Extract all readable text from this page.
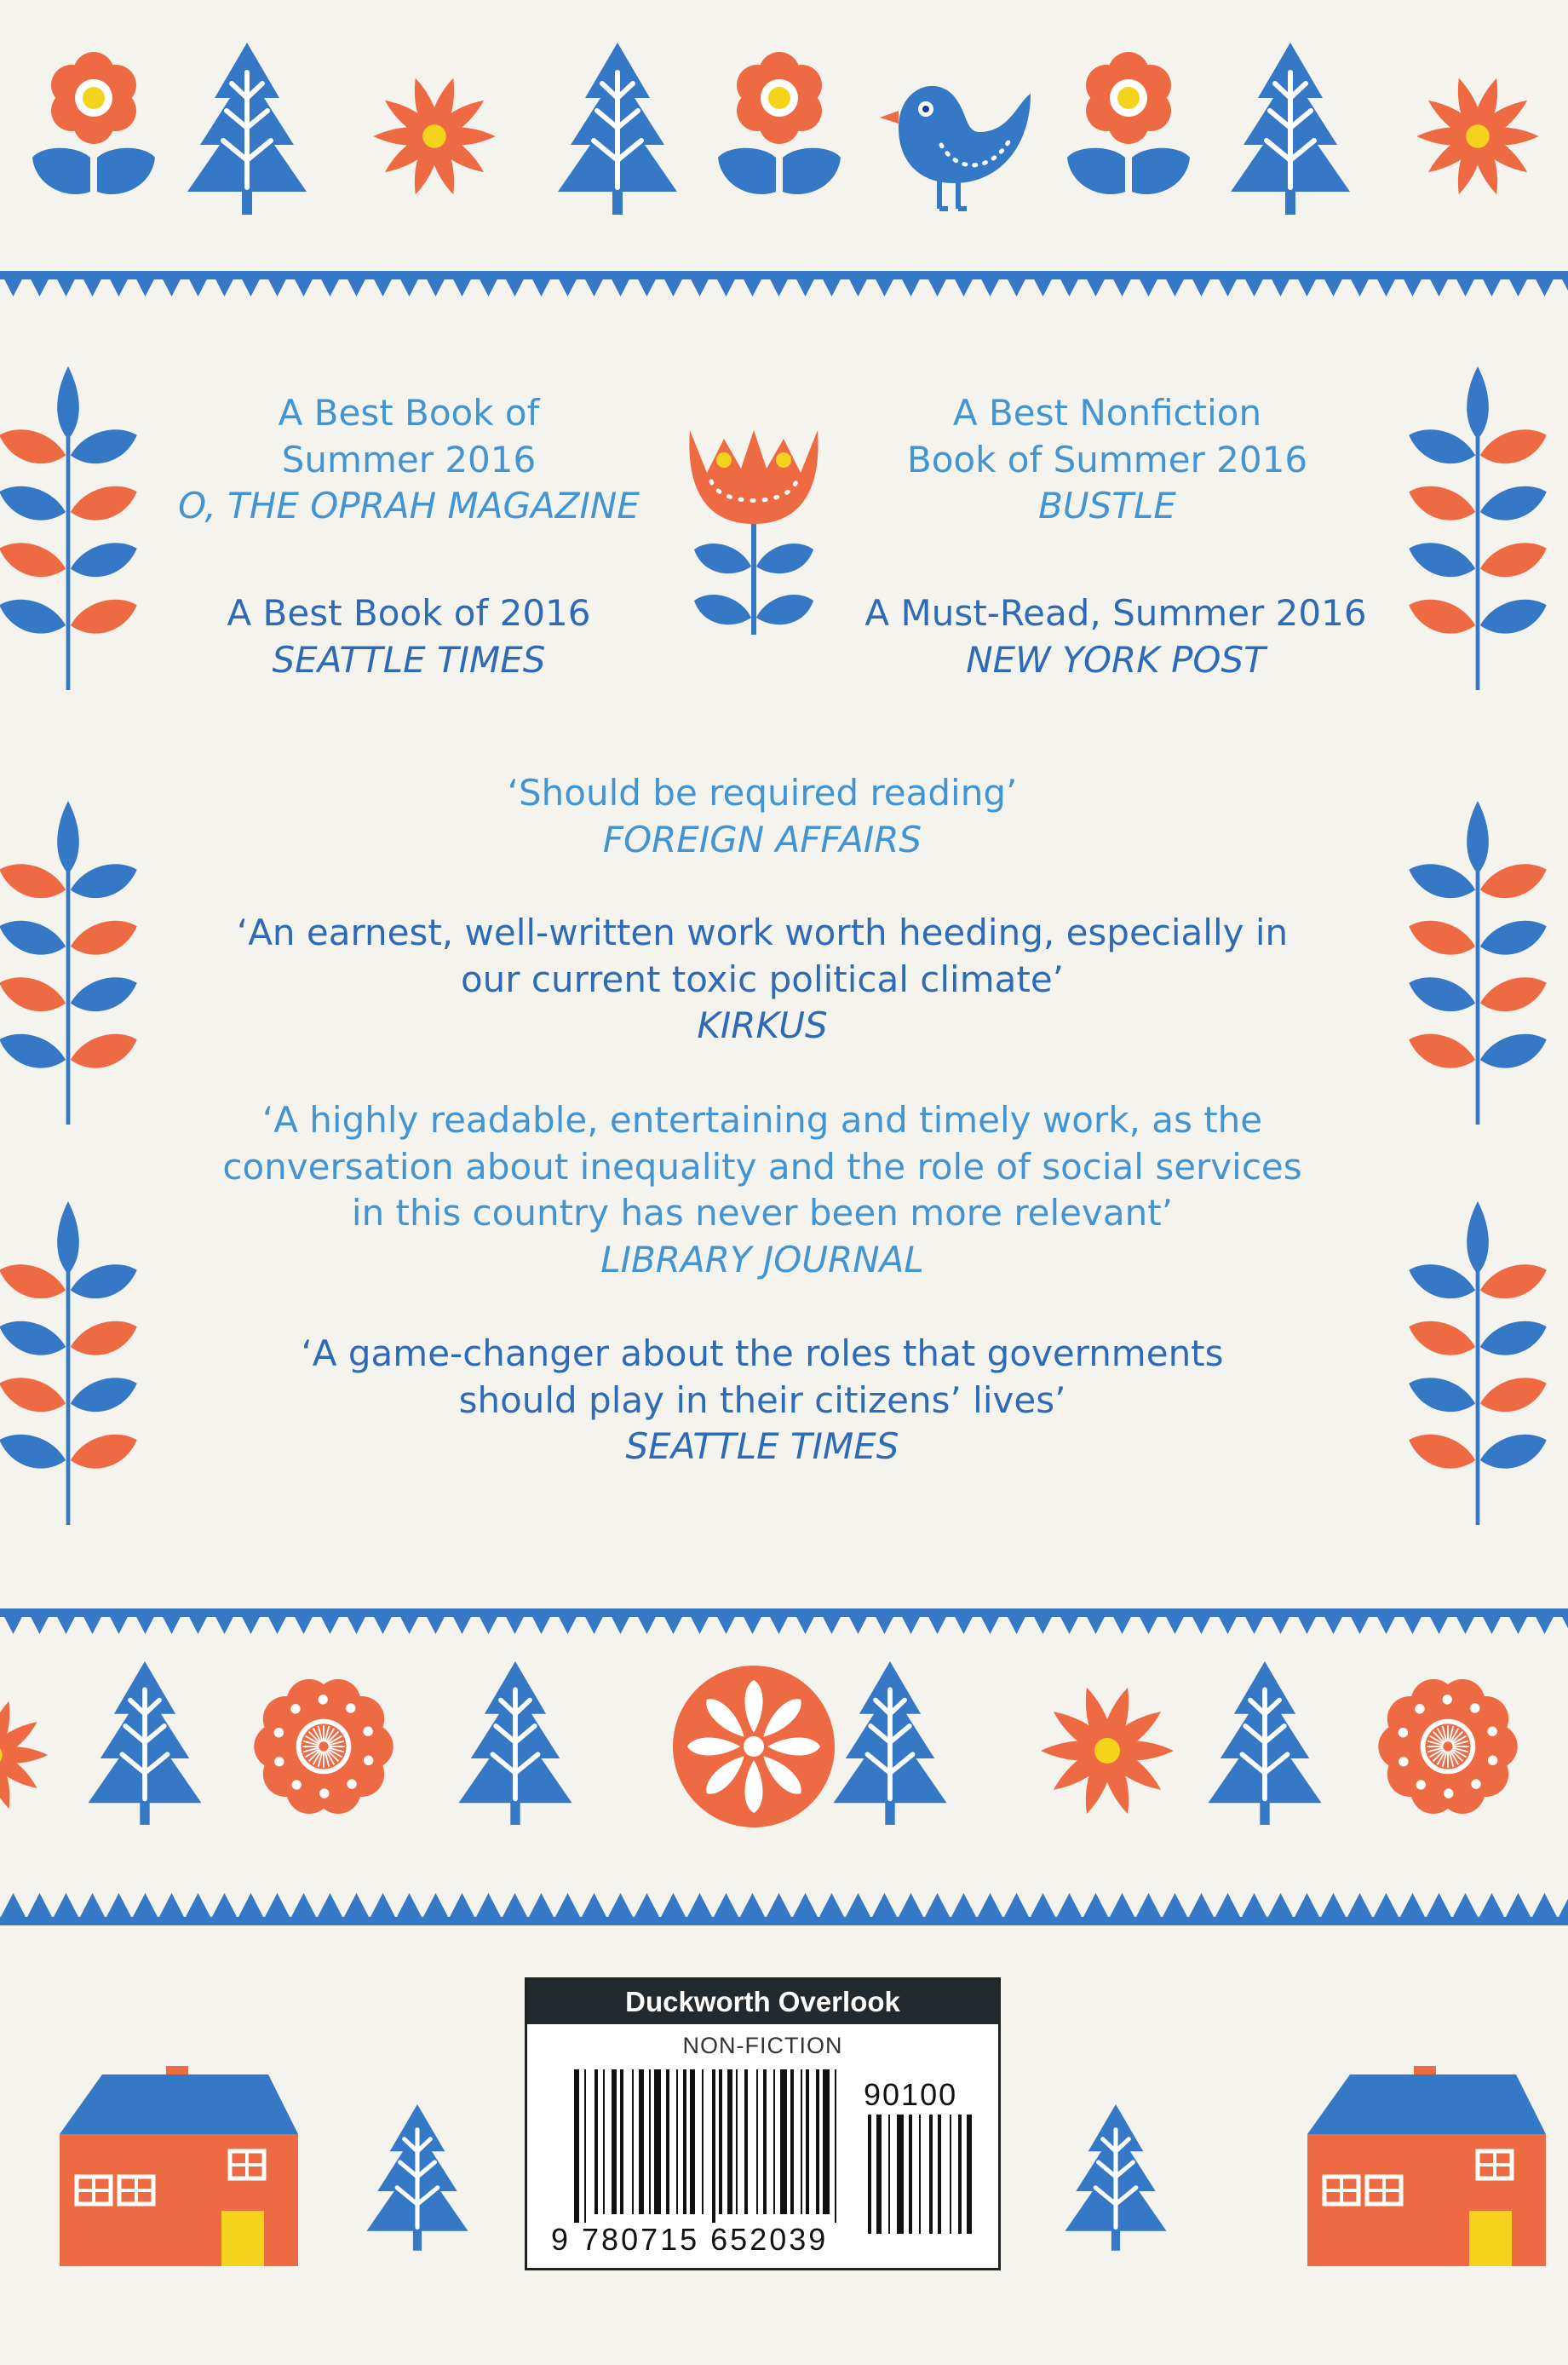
A Best Book of
Summer 2016
O, THE OPRAH MAGAZINE
A Best Nonfiction
Book of Summer 2016
BUSTLE
A Best Book of 2016
SEATTLE TIMES
A Must-Read, Summer 2016
NEW YORK POST
‘Should be required reading’
FOREIGN AFFAIRS
‘An earnest, well-written work worth heeding, especially in
our current toxic political climate’
KIRKUS
‘A highly readable, entertaining and timely work, as the
conversation about inequality and the role of social services
in this country has never been more relevant’
LIBRARY JOURNAL
‘A game-changer about the roles that governments
should play in their citizens’ lives’
SEATTLE TIMES
Duckworth Overlook
NON-FICTION
90100
9 780715 652039
